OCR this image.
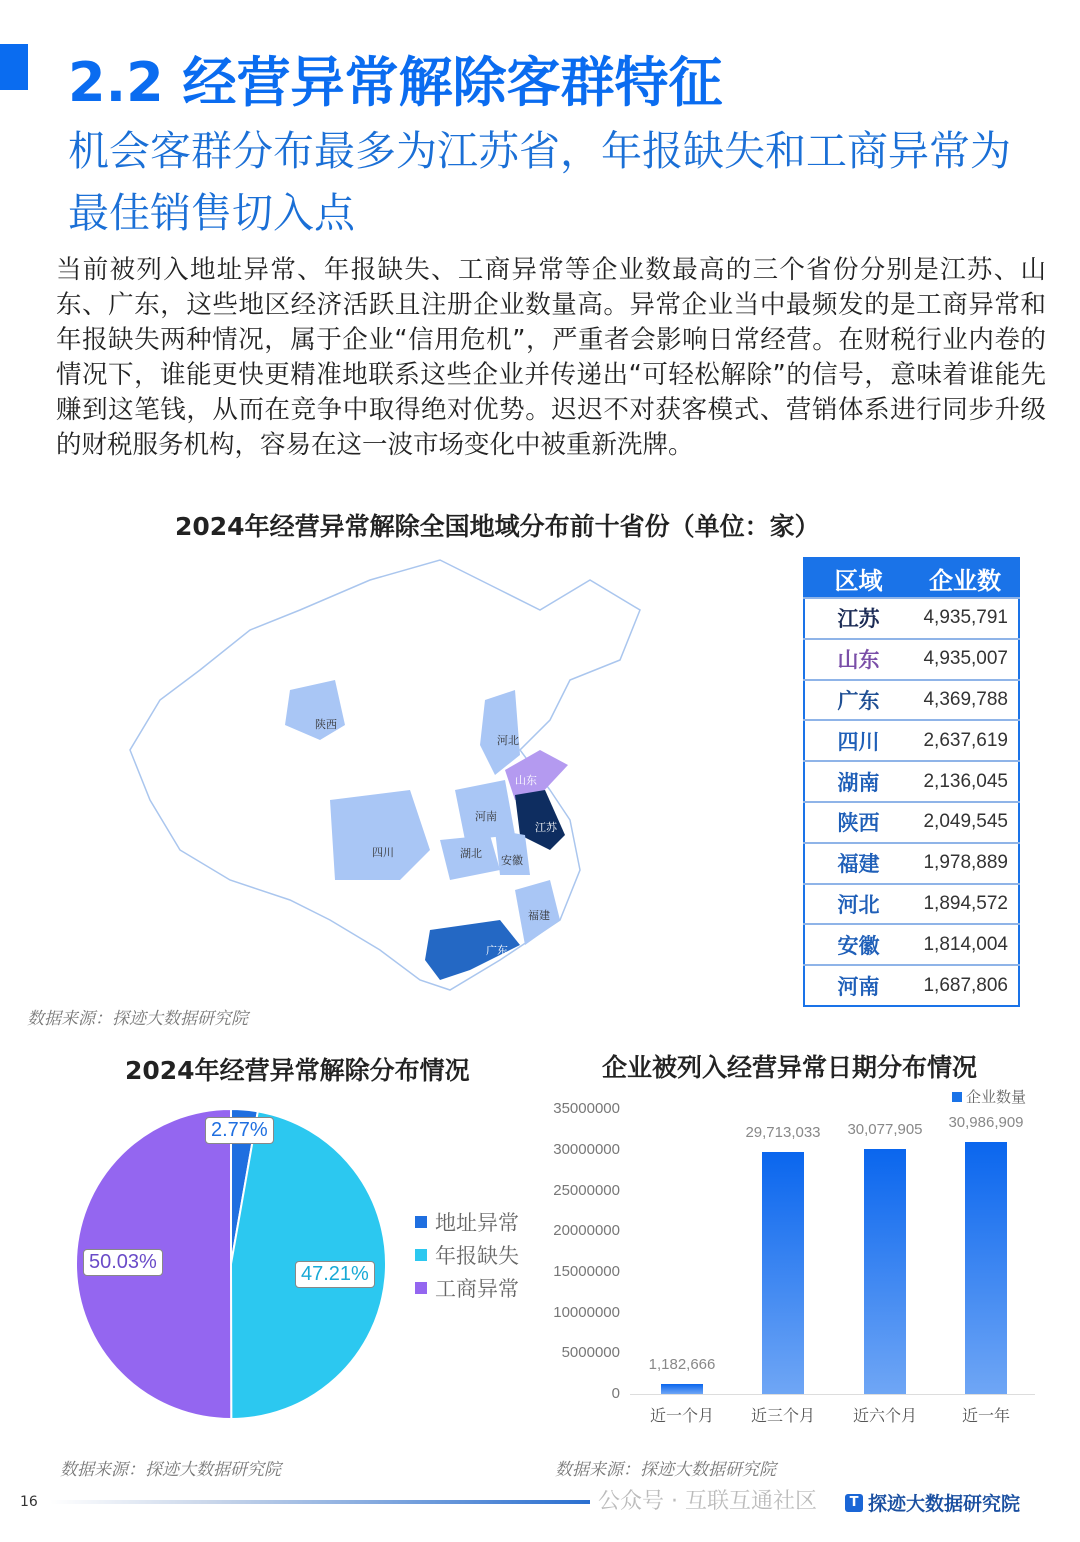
2.2 经营异常解除客群特征
机会客群分布最多为江苏省，年报缺失和工商异常为最佳销售切入点
当前被列入地址异常、年报缺失、工商异常等企业数最高的三个省份分别是江苏、山东、广东，这些地区经济活跃且注册企业数量高。异常企业当中最频发的是工商异常和年报缺失两种情况，属于企业“信用危机”，严重者会影响日常经营。在财税行业内卷的情况下，谁能更快更精准地联系这些企业并传递出“可轻松解除”的信号，意味着谁能先赚到这笔钱，从而在竞争中取得绝对优势。迟迟不对获客模式、营销体系进行同步升级的财税服务机构，容易在这一波市场变化中被重新洗牌。
2024年经营异常解除全国地域分布前十省份（单位：家）
陕西
河北
山东
河南
江苏
四川	湖北
安徽
福建
广东
区域	企业数
江苏	4,935,791
山东	4,935,007
广东	4,369,788
四川	2,637,619
湖南	2,136,045
陕西	2,049,545
福建	1,978,889
河北	1,894,572
安徽	1,814,004
河南	1,687,806
数据来源：探迹大数据研究院
2024年经营异常解除分布情况
2.77%
47.21%
50.03%
地址异常
年报缺失
工商异常
数据来源：探迹大数据研究院
企业被列入经营异常日期分布情况
企业数量
0
5000000
10000000
15000000
20000000
25000000
30000000
35000000
1,182,666
近一个月
29,713,033
近三个月
30,077,905
近六个月
30,986,909
近一年
数据来源：探迹大数据研究院
16	公众号 · 互联互通社区	T 探迹大数据研究院
